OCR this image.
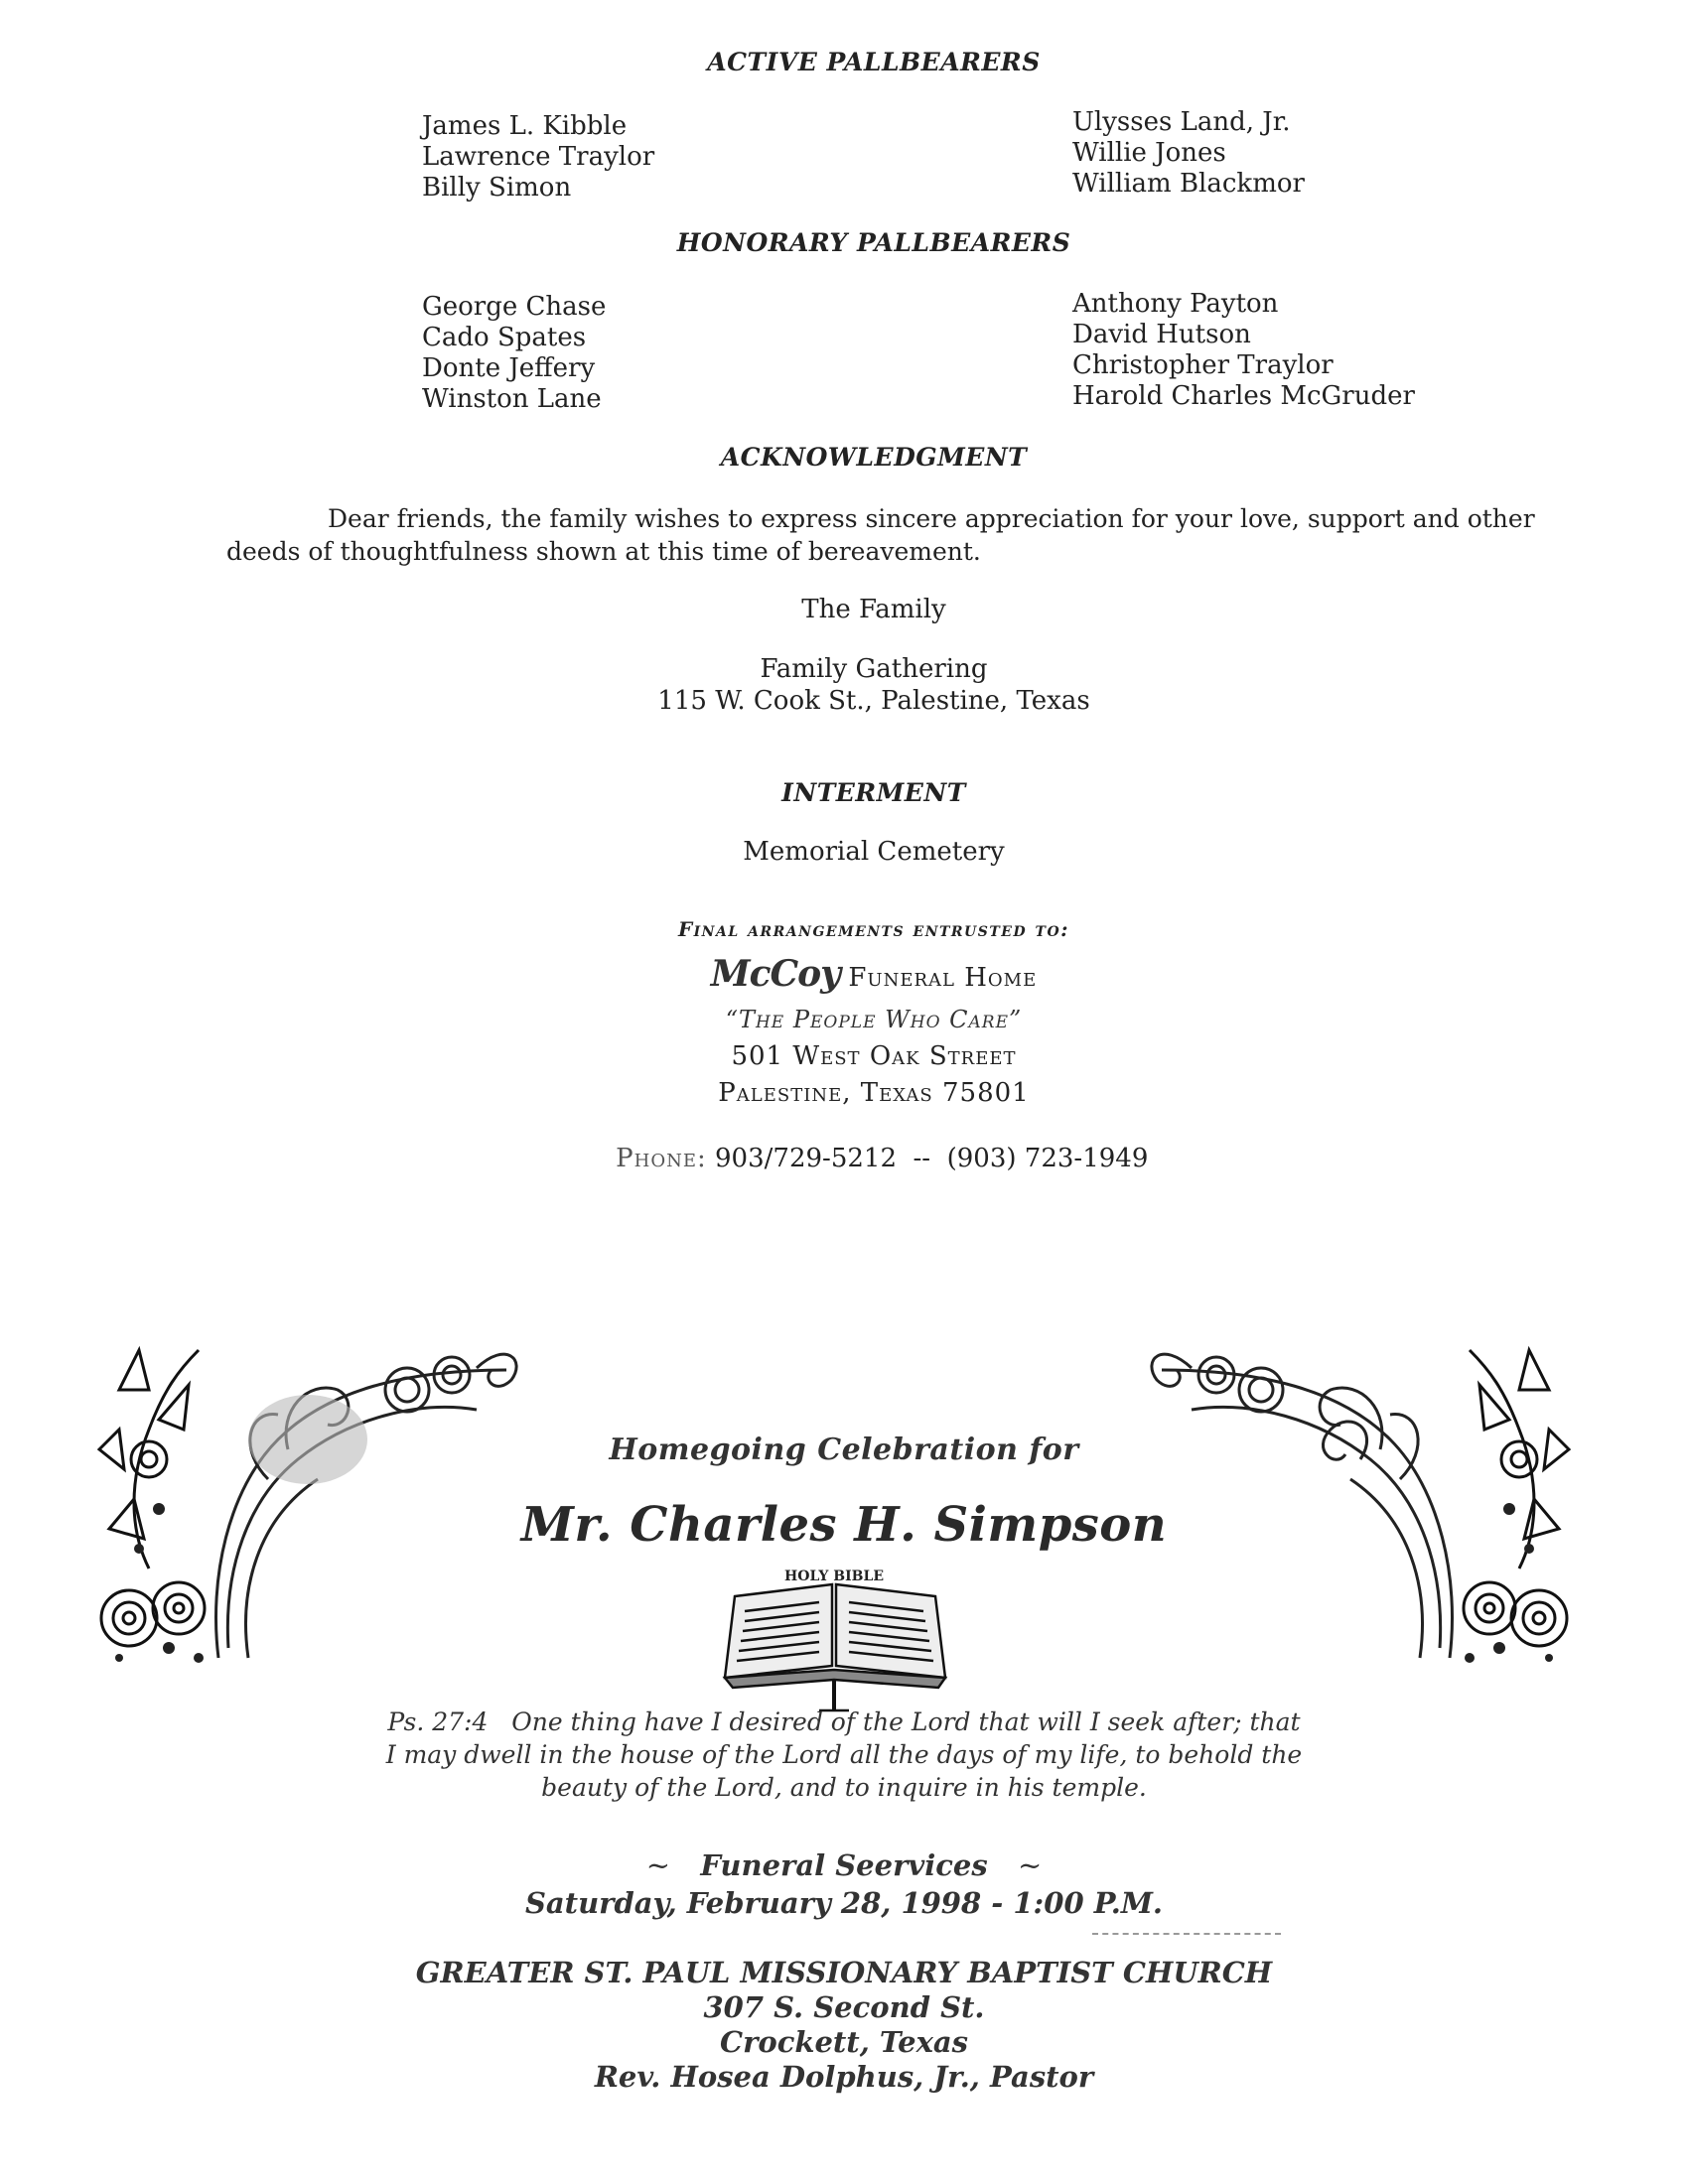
ACTIVE PALLBEARERS
James L. Kibble
Lawrence Traylor
Billy Simon
Ulysses Land, Jr.
Willie Jones
William Blackmor
HONORARY PALLBEARERS
George Chase
Cado Spates
Donte Jeffery
Winston Lane
Anthony Payton
David Hutson
Christopher Traylor
Harold Charles McGruder
ACKNOWLEDGMENT
Dear friends, the family wishes to express sincere appreciation for your love, support and other
deeds of thoughtfulness shown at this time of bereavement.
The Family
Family Gathering
115 W. Cook St., Palestine, Texas
INTERMENT
Memorial Cemetery
Final arrangements entrusted to:
McCoy Funeral Home
“The People Who Care”
501 West Oak Street
Palestine, Texas 75801

Phone: 903/729-5212  --  (903) 723-1949

Homegoing Celebration for
Mr. Charles H. Simpson
HOLY BIBLE
Ps. 27:4 One thing have I desired of the Lord that will I seek after; that
I may dwell in the house of the Lord all the days of my life, to behold the
beauty of the Lord, and to inquire in his temple.
~ Funeral Seervices ~
Saturday, February 28, 1998 - 1:00 P.M.
GREATER ST. PAUL MISSIONARY BAPTIST CHURCH
307 S. Second St.
Crockett, Texas
Rev. Hosea Dolphus, Jr., Pastor
